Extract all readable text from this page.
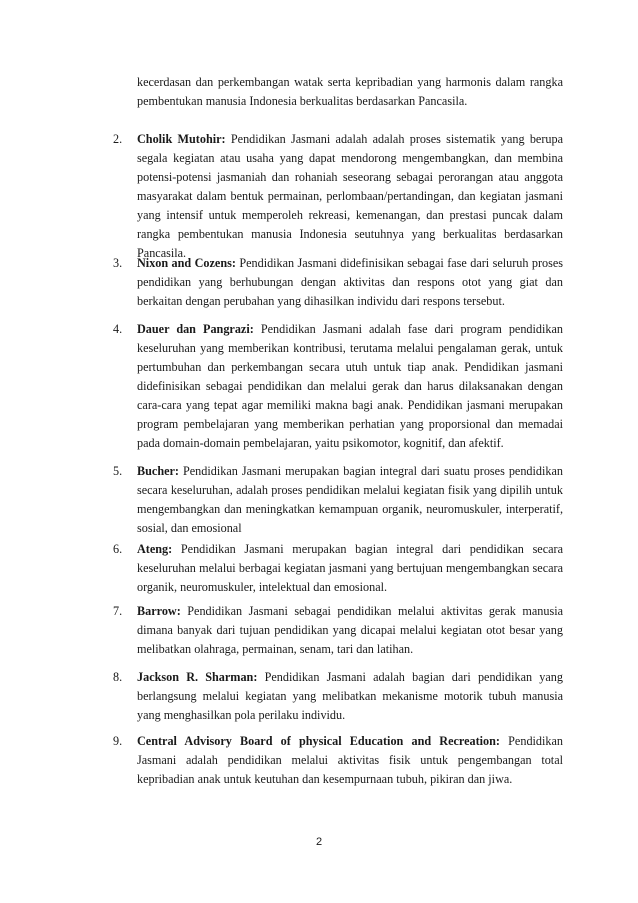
kecerdasan dan perkembangan watak serta kepribadian yang harmonis dalam rangka pembentukan manusia Indonesia berkualitas berdasarkan Pancasila.
2.	Cholik Mutohir: Pendidikan Jasmani adalah adalah proses sistematik yang berupa segala kegiatan atau usaha yang dapat mendorong mengembangkan, dan membina potensi-potensi jasmaniah dan rohaniah seseorang sebagai perorangan atau anggota masyarakat dalam bentuk permainan, perlombaan/pertandingan, dan kegiatan jasmani yang intensif untuk memperoleh rekreasi, kemenangan, dan prestasi puncak dalam rangka pembentukan manusia Indonesia seutuhnya yang berkualitas berdasarkan Pancasila.
3.	Nixon and Cozens: Pendidikan Jasmani didefinisikan sebagai fase dari seluruh proses pendidikan yang berhubungan dengan aktivitas dan respons otot yang giat dan berkaitan dengan perubahan yang dihasilkan individu dari respons tersebut.
4.	Dauer dan Pangrazi: Pendidikan Jasmani adalah fase dari program pendidikan keseluruhan yang memberikan kontribusi, terutama melalui pengalaman gerak, untuk pertumbuhan dan perkembangan secara utuh untuk tiap anak. Pendidikan jasmani didefinisikan sebagai pendidikan dan melalui gerak dan harus dilaksanakan dengan cara-cara yang tepat agar memiliki makna bagi anak. Pendidikan jasmani merupakan program pembelajaran yang memberikan perhatian yang proporsional dan memadai pada domain-domain pembelajaran, yaitu psikomotor, kognitif, dan afektif.
5.	Bucher: Pendidikan Jasmani merupakan bagian integral dari suatu proses pendidikan secara keseluruhan, adalah proses pendidikan melalui kegiatan fisik yang dipilih untuk mengembangkan dan meningkatkan kemampuan organik, neuromuskuler, interperatif, sosial, dan emosional
6.	Ateng: Pendidikan Jasmani merupakan bagian integral dari pendidikan secara keseluruhan melalui berbagai kegiatan jasmani yang bertujuan mengembangkan secara organik, neuromuskuler, intelektual dan emosional.
7.	Barrow: Pendidikan Jasmani sebagai pendidikan melalui aktivitas gerak manusia dimana banyak dari tujuan pendidikan yang dicapai melalui kegiatan otot besar yang melibatkan olahraga, permainan, senam, tari dan latihan.
8.	Jackson R. Sharman: Pendidikan Jasmani adalah bagian dari pendidikan yang berlangsung melalui kegiatan yang melibatkan mekanisme motorik tubuh manusia yang menghasilkan pola perilaku individu.
9.	Central Advisory Board of physical Education and Recreation: Pendidikan Jasmani adalah pendidikan melalui aktivitas fisik untuk pengembangan total kepribadian anak untuk keutuhan dan kesempurnaan tubuh, pikiran dan jiwa.
2
